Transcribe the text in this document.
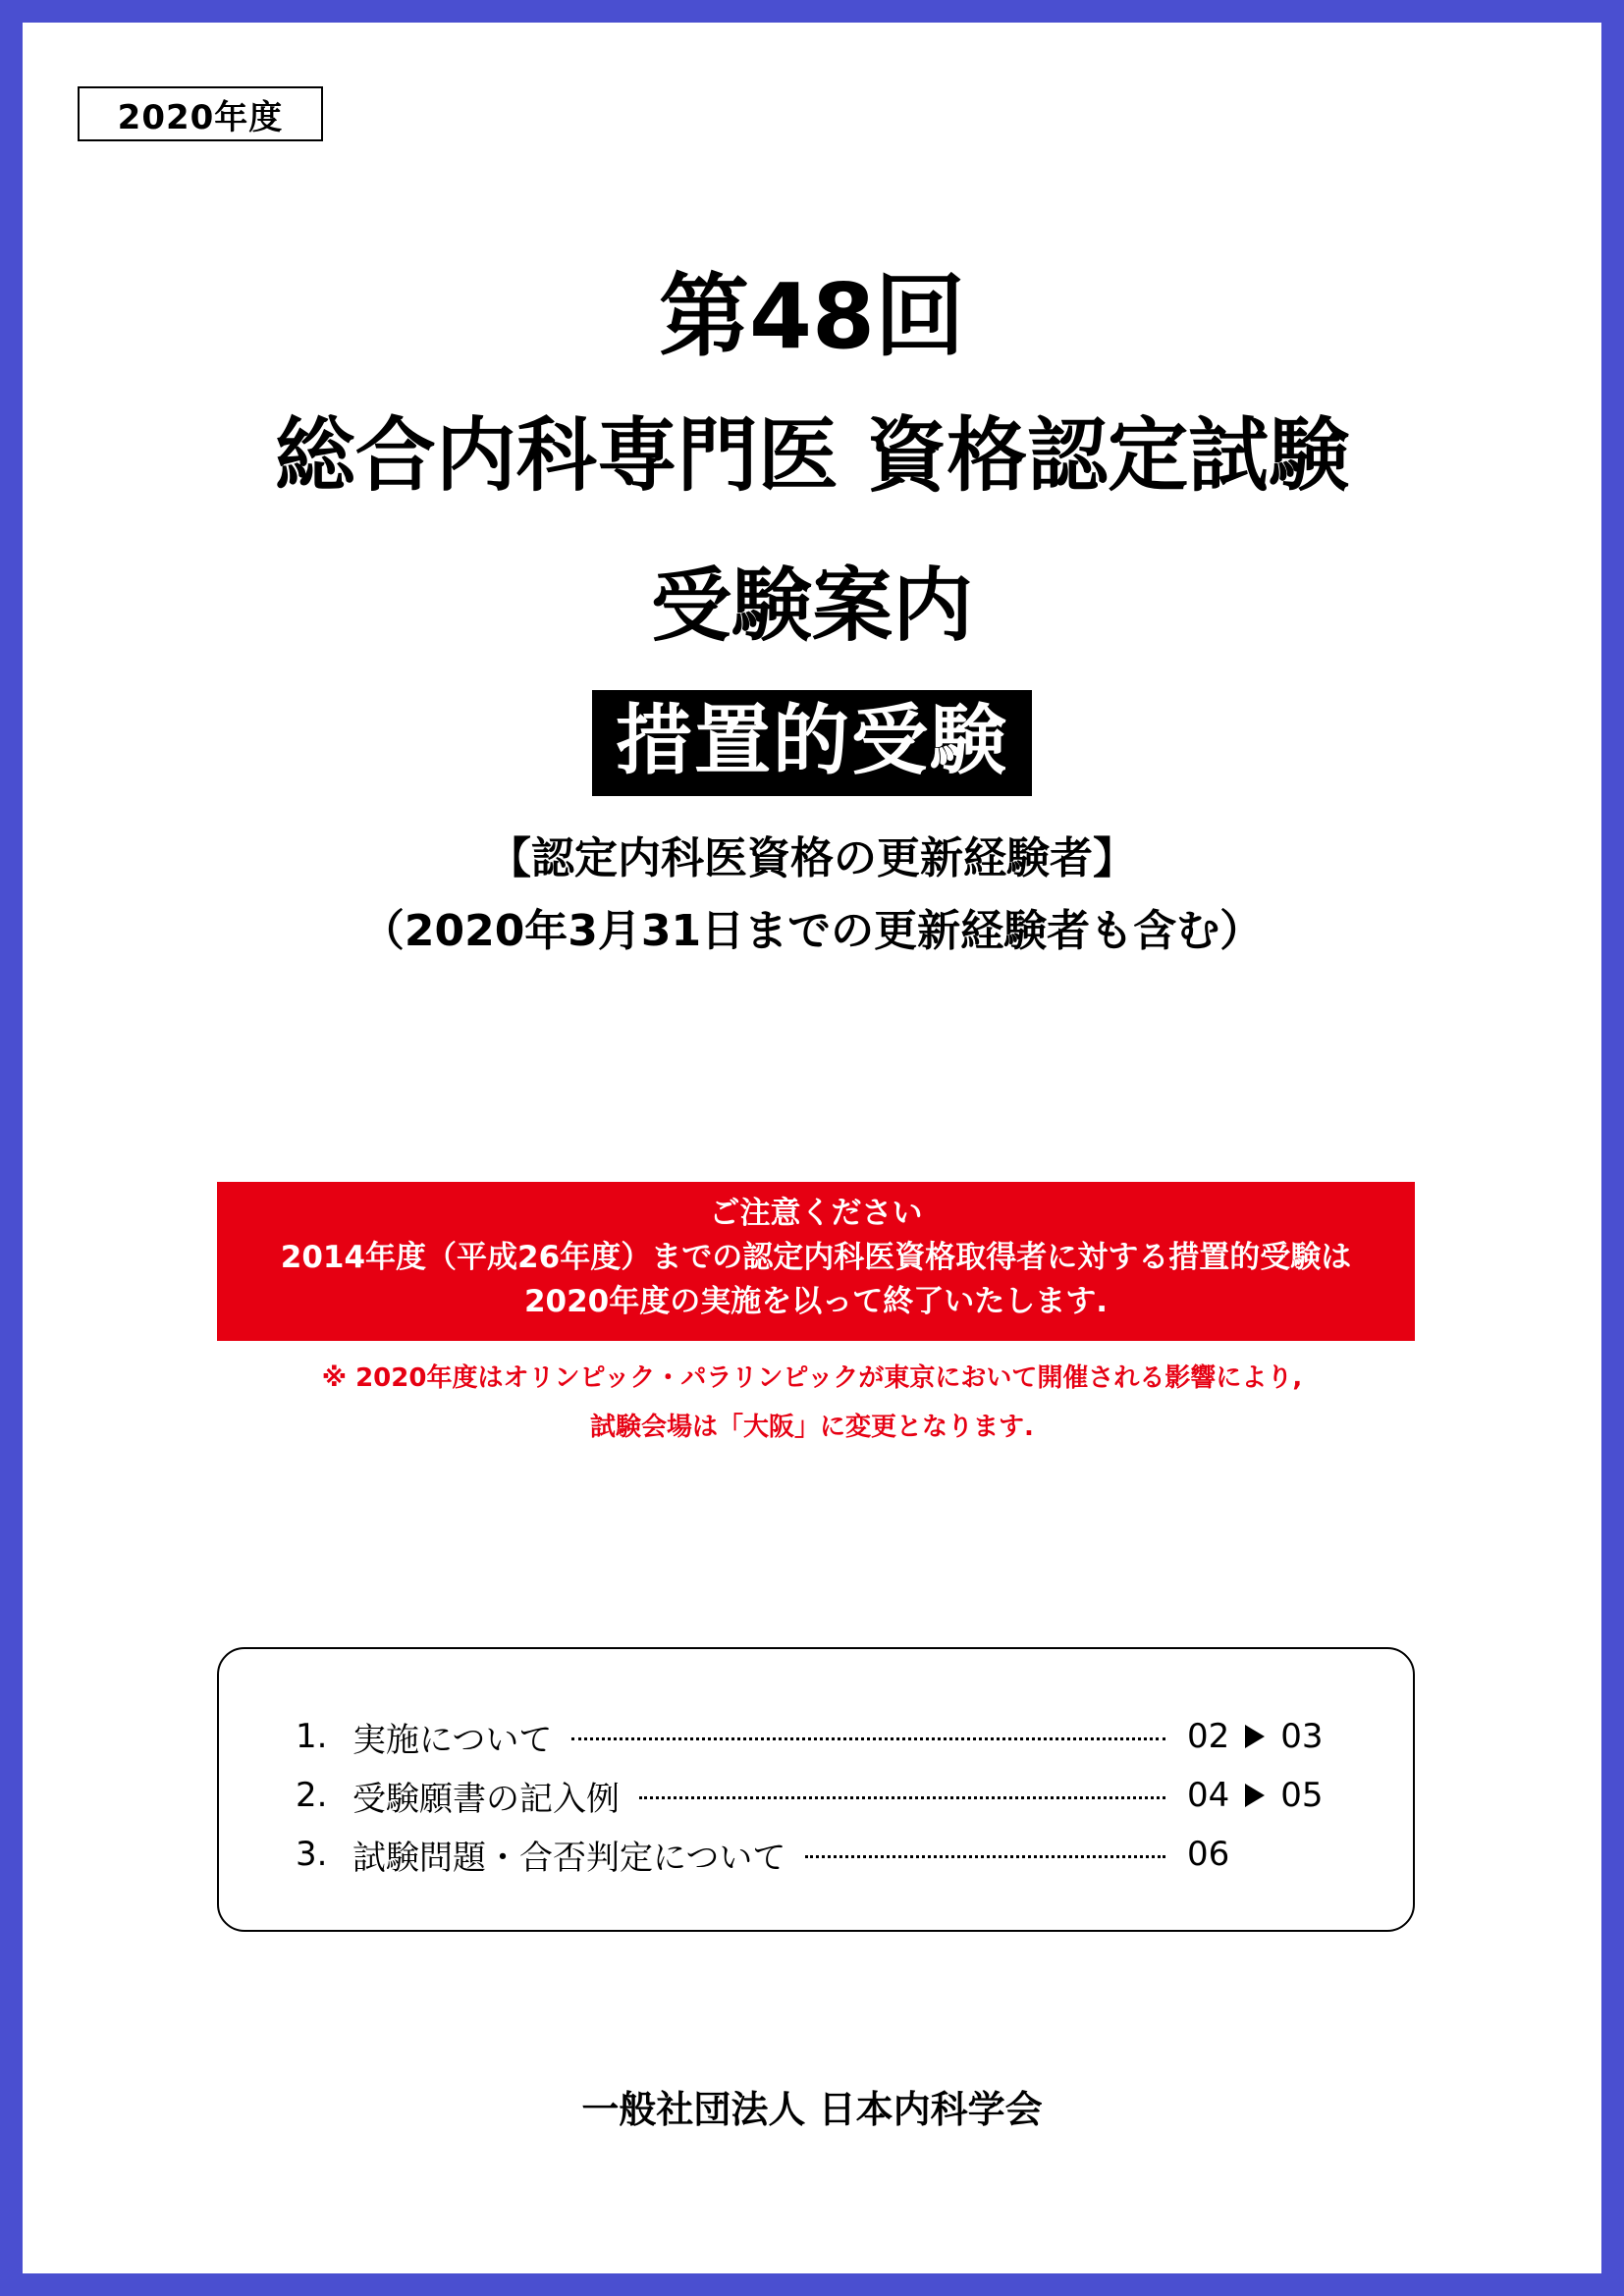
2020年度
第48回
総合内科専門医 資格認定試験
受験案内
措置的受験
【認定内科医資格の更新経験者】
（2020年3月31日までの更新経験者も含む）
ご注意ください
2014年度（平成26年度）までの認定内科医資格取得者に対する措置的受験は
2020年度の実施を以って終了いたします.
※ 2020年度はオリンピック・パラリンピックが東京において開催される影響により,
試験会場は「大阪」に変更となります.
1. 実施について	02 03
2. 受験願書の記入例	04 05
3. 試験問題・合否判定について	06
一般社団法人 日本内科学会
